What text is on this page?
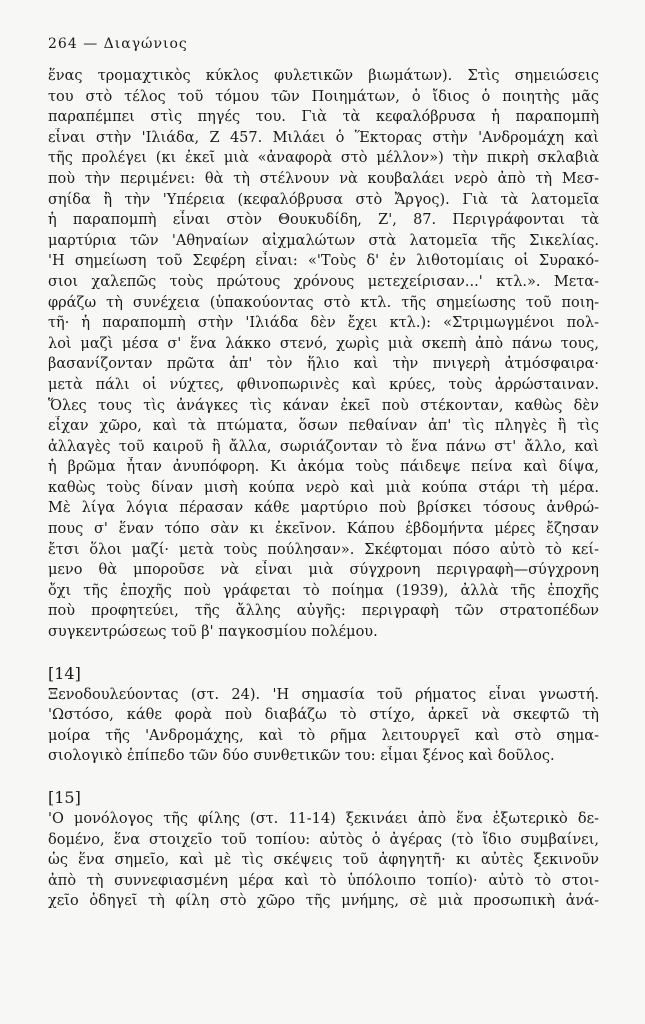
264 — Διαγώνιος
ἕνας τρομαχτικὸς κύκλος φυλετικῶν βιωμάτων). Στὶς σημειώσεις
του στὸ τέλος τοῦ τόμου τῶν Ποιημάτων, ὁ ἴδιος ὁ ποιητὴς μᾶς
παραπέμπει στὶς πηγές του. Γιὰ τὰ κεφαλόβρυσα ἡ παραπομπὴ
εἶναι στὴν 'Ιλιάδα, Ζ 457. Μιλάει ὁ Ἕκτορας στὴν 'Ανδρομάχη καὶ
τῆς προλέγει (κι ἐκεῖ μιὰ «ἀναφορὰ στὸ μέλλον») τὴν πικρὴ σκλαβιὰ
ποὺ τὴν περιμένει: θὰ τὴ στέλνουν νὰ κουβαλάει νερὸ ἀπὸ τὴ Μεσ-
σηίδα ἢ τὴν 'Υπέρεια (κεφαλόβρυσα στὸ Ἄργος). Γιὰ τὰ λατομεῖα
ἡ παραπομπὴ εἶναι στὸν Θουκυδίδη, Ζ', 87. Περιγράφονται τὰ
μαρτύρια τῶν 'Αθηναίων αἰχμαλώτων στὰ λατομεῖα τῆς Σικελίας.
'Η σημείωση τοῦ Σεφέρη εἶναι: «'Τοὺς δ' ἐν λιθοτομίαις οἱ Συρακό-
σιοι χαλεπῶς τοὺς πρώτους χρόνους μετεχείρισαν...' κτλ.». Μετα-
φράζω τὴ συνέχεια (ὑπακούοντας στὸ κτλ. τῆς σημείωσης τοῦ ποιη-
τῆ· ἡ παραπομπὴ στὴν 'Ιλιάδα δὲν ἔχει κτλ.): «Στριμωγμένοι πολ-
λοὶ μαζὶ μέσα σ' ἕνα λάκκο στενό, χωρὶς μιὰ σκεπὴ ἀπὸ πάνω τους,
βασανίζονταν πρῶτα ἀπ' τὸν ἥλιο καὶ τὴν πνιγερὴ ἀτμόσφαιρα·
μετὰ πάλι οἱ νύχτες, φθινοπωρινὲς καὶ κρύες, τοὺς ἀρρώσταιναν.
Ὅλες τους τὶς ἀνάγκες τὶς κάναν ἐκεῖ ποὺ στέκονταν, καθὼς δὲν
εἶχαν χῶρο, καὶ τὰ πτώματα, ὅσων πεθαίναν ἀπ' τὶς πληγὲς ἢ τὶς
ἀλλαγὲς τοῦ καιροῦ ἢ ἄλλα, σωριάζονταν τὸ ἕνα πάνω στ' ἄλλο, καὶ
ἡ βρῶμα ἦταν ἀνυπόφορη. Κι ἀκόμα τοὺς πάιδεψε πείνα καὶ δίψα,
καθὼς τοὺς δίναν μισὴ κούπα νερὸ καὶ μιὰ κούπα στάρι τὴ μέρα.
Μὲ λίγα λόγια πέρασαν κάθε μαρτύριο ποὺ βρίσκει τόσους ἀνθρώ-
πους σ' ἕναν τόπο σὰν κι ἐκεῖνον. Κάπου ἑβδομήντα μέρες ἔζησαν
ἔτσι ὅλοι μαζί· μετὰ τοὺς πούλησαν». Σκέφτομαι πόσο αὐτὸ τὸ κεί-
μενο θὰ μποροῦσε νὰ εἶναι μιὰ σύγχρονη περιγραφὴ—σύγχρονη
ὄχι τῆς ἐποχῆς ποὺ γράφεται τὸ ποίημα (1939), ἀλλὰ τῆς ἐποχῆς
ποὺ προφητεύει, τῆς ἄλλης αὐγῆς: περιγραφὴ τῶν στρατοπέδων
συγκεντρώσεως τοῦ β' παγκοσμίου πολέμου.
[14]
Ξενοδουλεύοντας (στ. 24). 'Η σημασία τοῦ ρήματος εἶναι γνωστή.
'Ωστόσο, κάθε φορὰ ποὺ διαβάζω τὸ στίχο, ἀρκεῖ νὰ σκεφτῶ τὴ
μοίρα τῆς 'Ανδρομάχης, καὶ τὸ ρῆμα λειτουργεῖ καὶ στὸ σημα-
σιολογικὸ ἐπίπεδο τῶν δύο συνθετικῶν του: εἶμαι ξένος καὶ δοῦλος.
[15]
'Ο μονόλογος τῆς φίλης (στ. 11-14) ξεκινάει ἀπὸ ἕνα ἐξωτερικὸ δε-
δομένο, ἕνα στοιχεῖο τοῦ τοπίου: αὐτὸς ὁ ἀγέρας (τὸ ἴδιο συμβαίνει,
ὡς ἕνα σημεῖο, καὶ μὲ τὶς σκέψεις τοῦ ἀφηγητῆ· κι αὐτὲς ξεκινοῦν
ἀπὸ τὴ συννεφιασμένη μέρα καὶ τὸ ὑπόλοιπο τοπίο)· αὐτὸ τὸ στοι-
χεῖο ὁδηγεῖ τὴ φίλη στὸ χῶρο τῆς μνήμης, σὲ μιὰ προσωπικὴ ἀνά-
